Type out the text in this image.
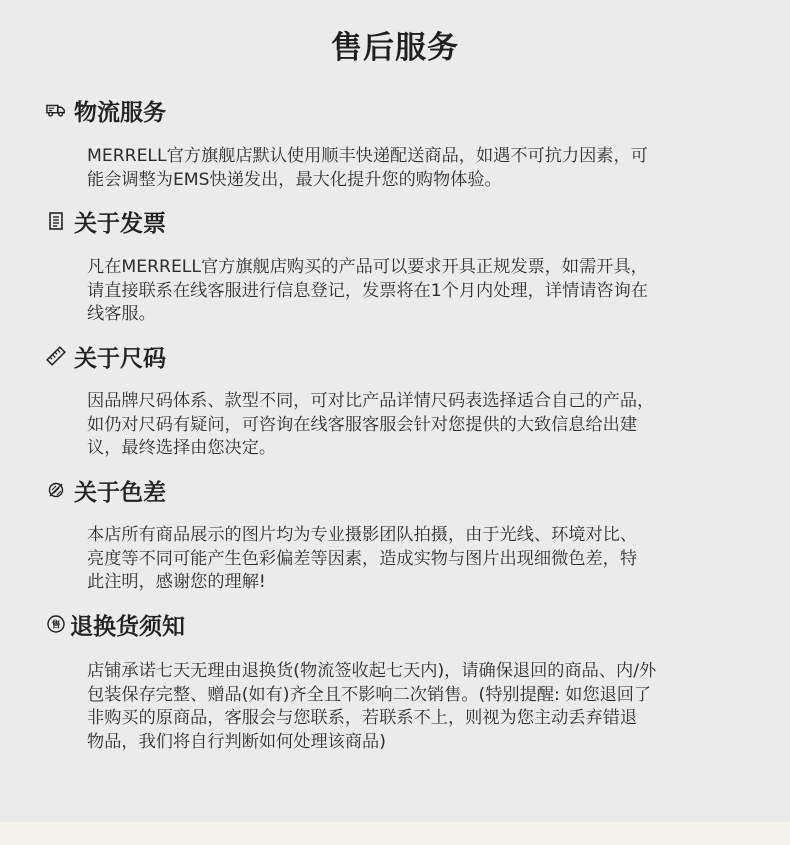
售后服务
物流服务

MERRELL官方旗舰店默认使用顺丰快递配送商品，如遇不可抗力因素，可

能会调整为EMS快递发出，最大化提升您的购物体验。

关于发票

凡在MERRELL官方旗舰店购买的产品可以要求开具正规发票，如需开具，

请直接联系在线客服进行信息登记，发票将在1个月内处理，详情请咨询在

线客服。

关于尺码

因品牌尺码体系、款型不同，可对比产品详情尺码表选择适合自己的产品，

如仍对尺码有疑问，可咨询在线客服客服会针对您提供的大致信息给出建

议，最终选择由您决定。

关于色差

本店所有商品展示的图片均为专业摄影团队拍摄，由于光线、环境对比、

亮度等不同可能产生色彩偏差等因素，造成实物与图片出现细微色差，特

此注明，感谢您的理解!

售 退换货须知

店铺承诺七天无理由退换货(物流签收起七天内)，请确保退回的商品、内/外

包装保存完整、赠品(如有)齐全且不影响二次销售。(特别提醒: 如您退回了

非购买的原商品，客服会与您联系，若联系不上，则视为您主动丢弃错退

物品，我们将自行判断如何处理该商品)
